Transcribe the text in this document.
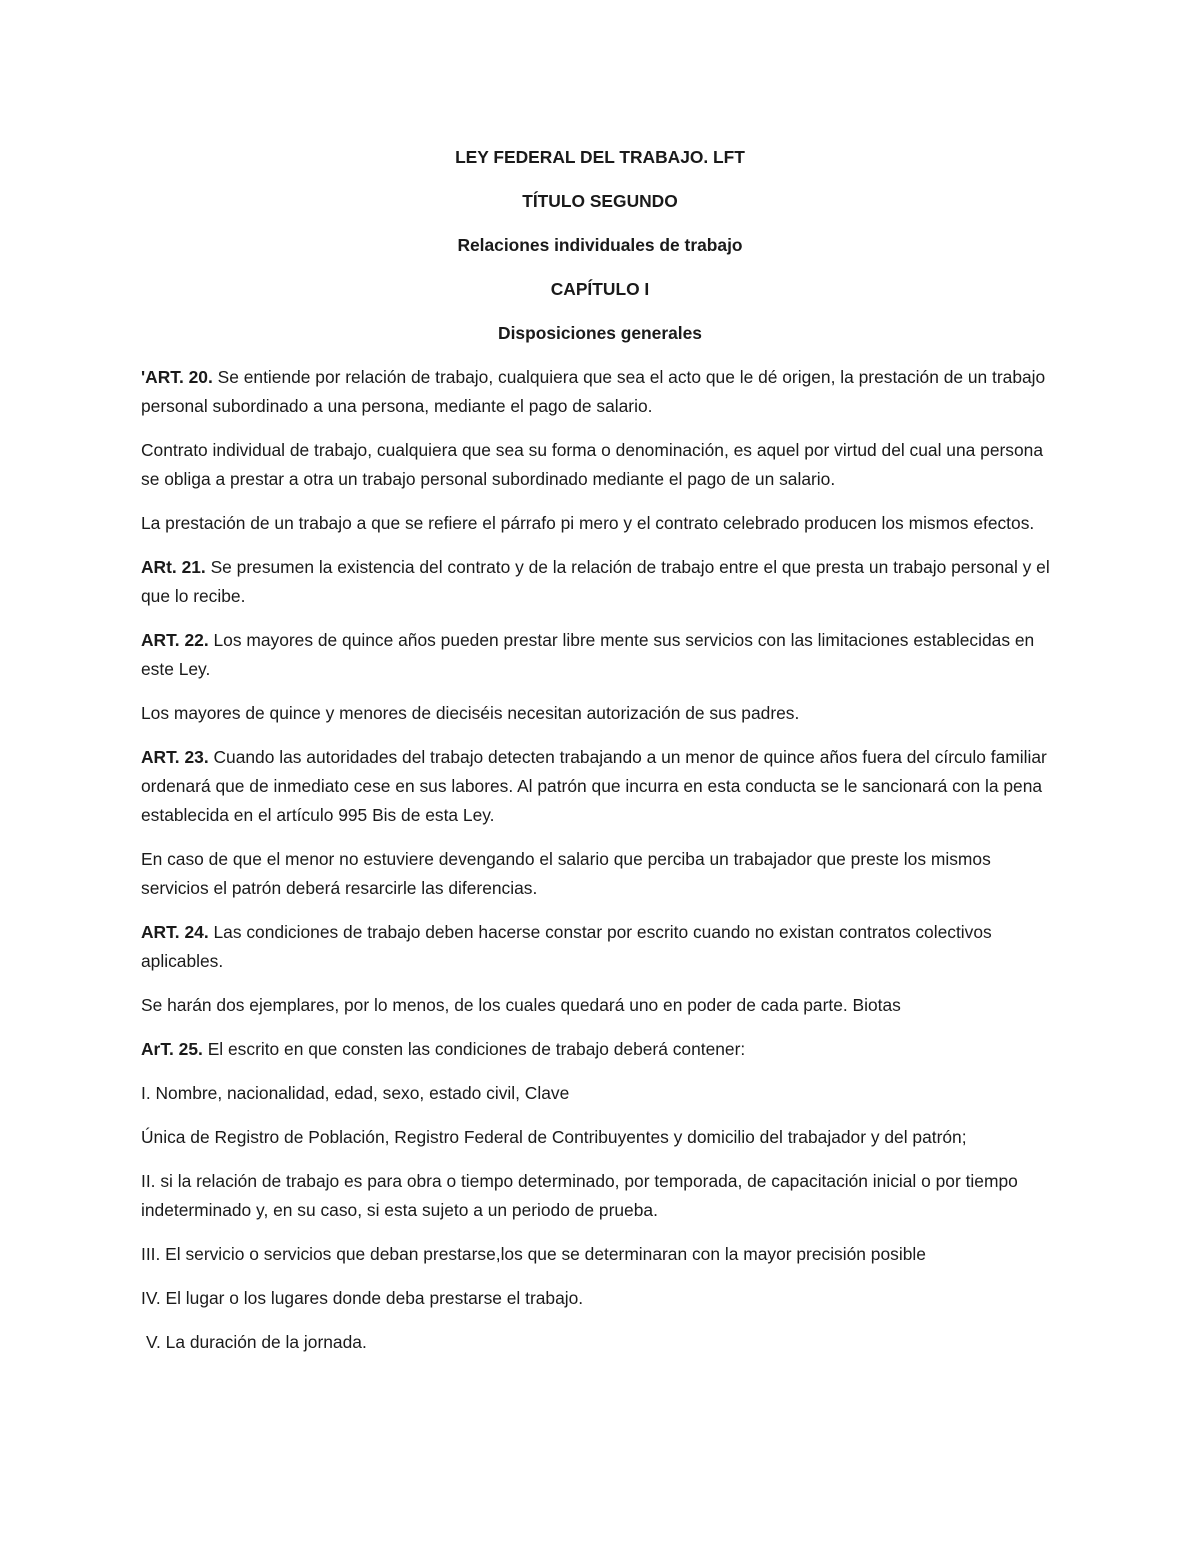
LEY FEDERAL DEL TRABAJO. LFT

TÍTULO SEGUNDO

Relaciones individuales de trabajo

CAPÍTULO I

Disposiciones generales

'ART. 20. Se entiende por relación de trabajo, cualquiera que sea el acto que le dé origen, la prestación de un trabajo personal subordinado a una persona, mediante el pago de salario.

Contrato individual de trabajo, cualquiera que sea su forma o denominación, es aquel por virtud del cual una persona se obliga a prestar a otra un trabajo personal subordinado mediante el pago de un salario.

La prestación de un trabajo a que se refiere el párrafo pi mero y el contrato celebrado producen los mismos efectos.

ARt. 21. Se presumen la existencia del contrato y de la relación de trabajo entre el que presta un trabajo personal y el que lo recibe.

ART. 22. Los mayores de quince años pueden prestar libre mente sus servicios con las limitaciones establecidas en este Ley.

Los mayores de quince y menores de dieciséis necesitan autorización de sus padres.

ART. 23. Cuando las autoridades del trabajo detecten trabajando a un menor de quince años fuera del círculo familiar ordenará que de inmediato cese en sus labores. Al patrón que incurra en esta conducta se le sancionará con la pena establecida en el artículo 995 Bis de esta Ley.

En caso de que el menor no estuviere devengando el salario que perciba un trabajador que preste los mismos servicios el patrón deberá resarcirle las diferencias.

ART. 24. Las condiciones de trabajo deben hacerse constar por escrito cuando no existan contratos colectivos aplicables.

Se harán dos ejemplares, por lo menos, de los cuales quedará uno en poder de cada parte. Biotas

ArT. 25. El escrito en que consten las condiciones de trabajo deberá contener:

I. Nombre, nacionalidad, edad, sexo, estado civil, Clave

Única de Registro de Población, Registro Federal de Contribuyentes y domicilio del trabajador y del patrón;

II. si la relación de trabajo es para obra o tiempo determinado, por temporada, de capacitación inicial o por tiempo indeterminado y, en su caso, si esta sujeto a un periodo de prueba.

III. El servicio o servicios que deban prestarse,los que se determinaran con la mayor precisión posible

IV. El lugar o los lugares donde deba prestarse el trabajo.

V. La duración de la jornada.
